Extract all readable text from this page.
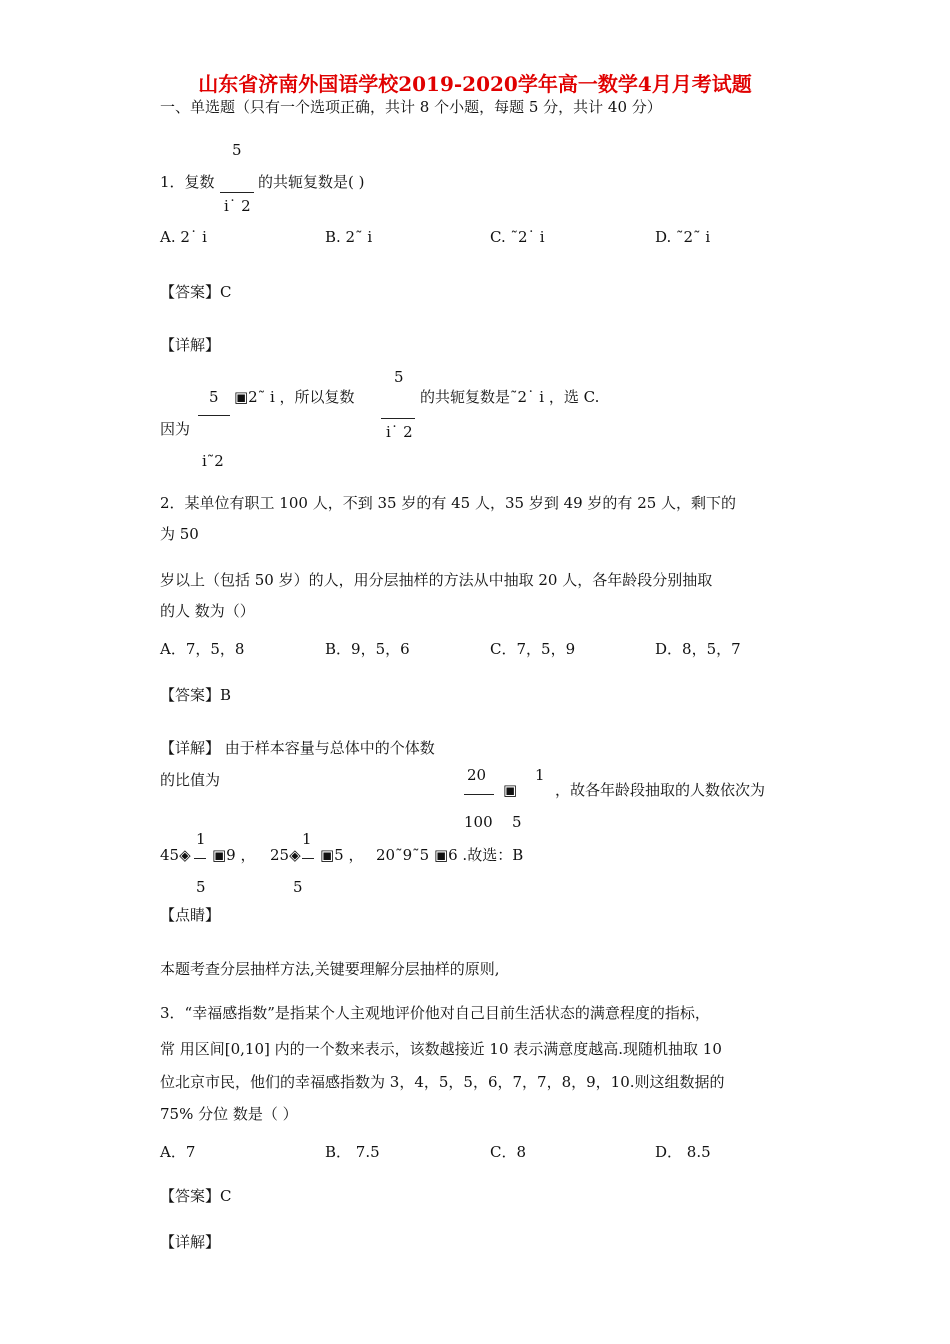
山东省济南外国语学校2019-2020学年高一数学4月月考试题
一、单选题（只有一个选项正确，共计 8 个小题，每题 5 分，共计 40 分）
5
1．复数	的共轭复数是( )
i˙ 2
A. 2˙ i	B. 2˜ i	C. ˜2˙ i	D. ˜2˜ i
【答案】C
【详解】
5
5 ▣2˜ i ，所以复数	的共轭复数是˜2˙ i ，选 C.
因为	i˙ 2
i˜2
2．某单位有职工 100 人，不到 35 岁的有 45 人，35 岁到 49 岁的有 25 人，剩下的
为 50
岁以上（包括 50 岁）的人，用分层抽样的方法从中抽取 20 人，各年龄段分别抽取
的人 数为（）
A．7，5，8	B．9，5，6	C．7，5，9	D．8，5，7
【答案】B
【详解】 由于样本容量与总体中的个体数
20	1
的比值为
▣	，故各年龄段抽取的人数依次为
100 5
1	1
45◈ ▣9 ， 25◈ ▣5 ， 20˜9˜5 ▣6 .故选：B
5	5
【点睛】
本题考查分层抽样方法,关键要理解分层抽样的原则,
3．“幸福感指数”是指某个人主观地评价他对自己目前生活状态的满意程度的指标，
常 用区间[0,10] 内的一个数来表示，该数越接近 10 表示满意度越高.现随机抽取 10
位北京市民，他们的幸福感指数为 3，4，5，5，6，7，7，8，9，10.则这组数据的
75% 分位 数是（ ）
A．7	B． 7.5	C．8	D． 8.5
【答案】C
【详解】
